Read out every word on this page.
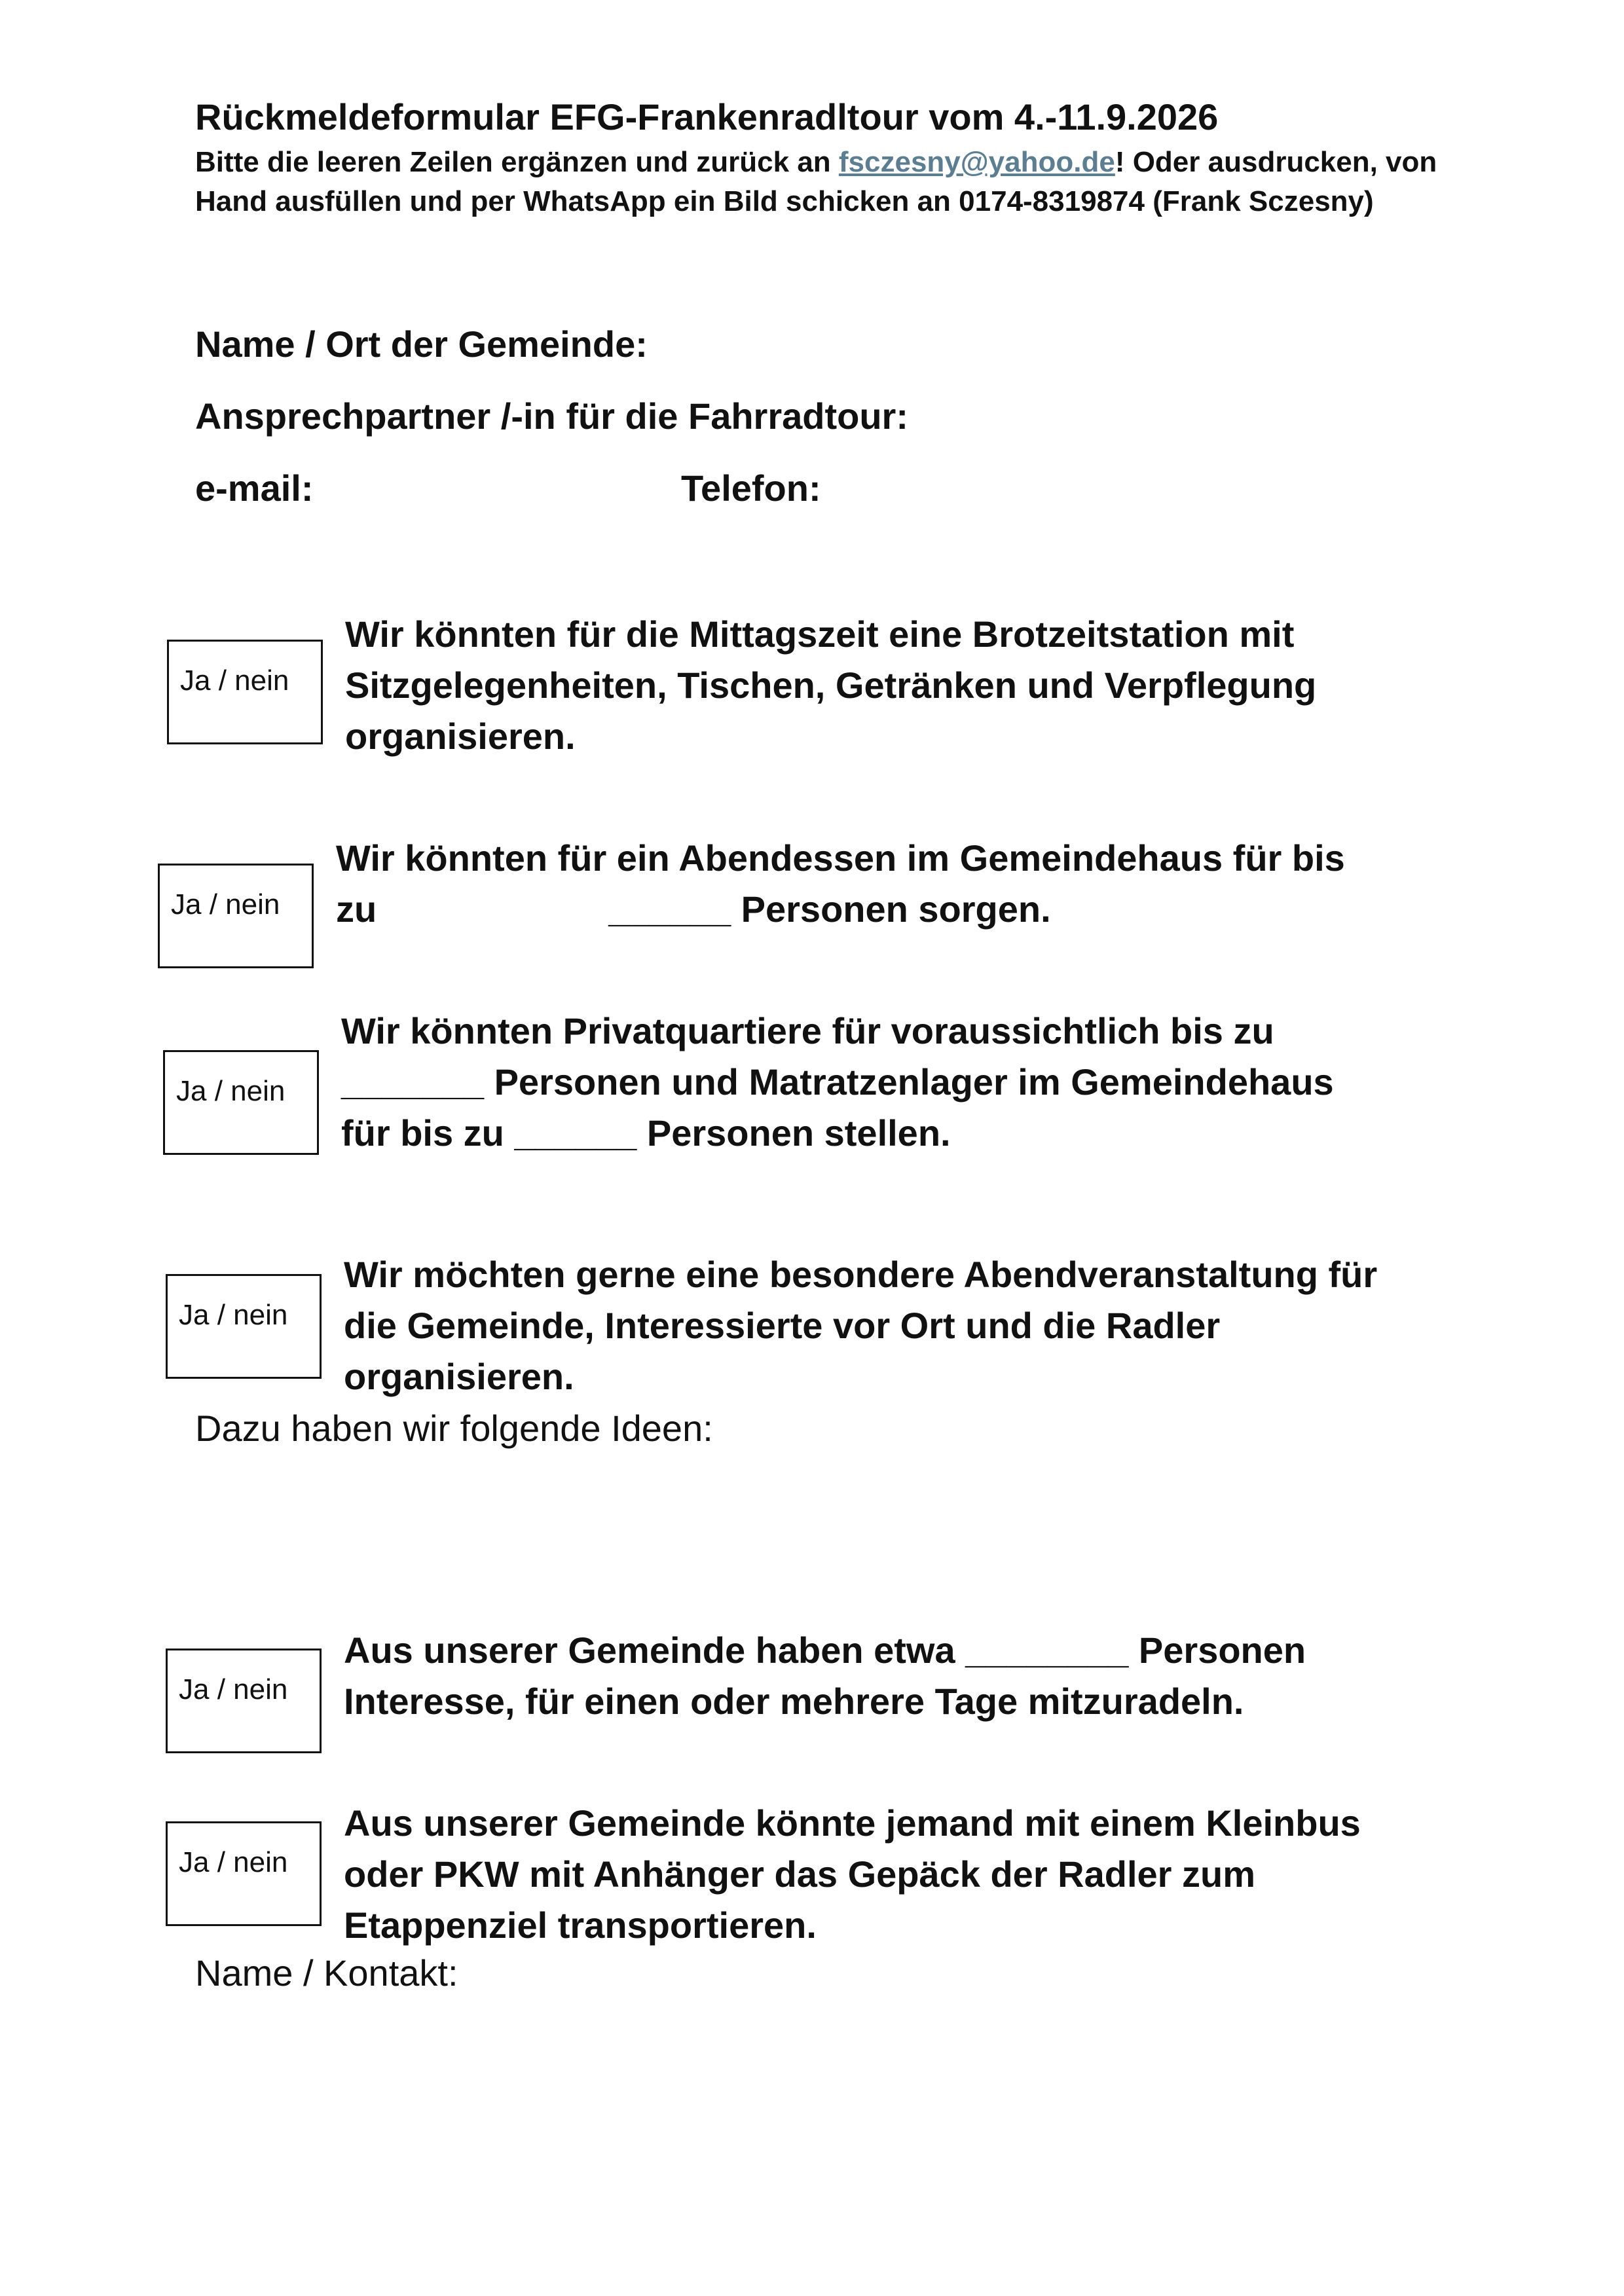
Rückmeldeformular EFG-Frankenradltour vom 4.-11.9.2026

Bitte die leeren Zeilen ergänzen und zurück an fsczesny@yahoo.de! Oder ausdrucken, von Hand ausfüllen und per WhatsApp ein Bild schicken an 0174-8319874 (Frank Sczesny)

Name / Ort der Gemeinde:
Ansprechpartner /-in für die Fahrradtour:
e-mail:	Telefon:
Ja / nein
Wir könnten für die Mittagszeit eine Brotzeitstation mit
Sitzgelegenheiten, Tischen, Getränken und Verpflegung
organisieren.
Ja / nein
Wir könnten für ein Abendessen im Gemeindehaus für bis
zu	______ Personen sorgen.
Ja / nein
Wir könnten Privatquartiere für voraussichtlich bis zu
_______ Personen und Matratzenlager im Gemeindehaus
für bis zu ______ Personen stellen.
Ja / nein
Wir möchten gerne eine besondere Abendveranstaltung für
die Gemeinde, Interessierte vor Ort und die Radler
organisieren.
Dazu haben wir folgende Ideen:
Ja / nein
Aus unserer Gemeinde haben etwa ________ Personen
Interesse, für einen oder mehrere Tage mitzuradeln.
Ja / nein
Aus unserer Gemeinde könnte jemand mit einem Kleinbus
oder PKW mit Anhänger das Gepäck der Radler zum
Etappenziel transportieren.
Name / Kontakt:
